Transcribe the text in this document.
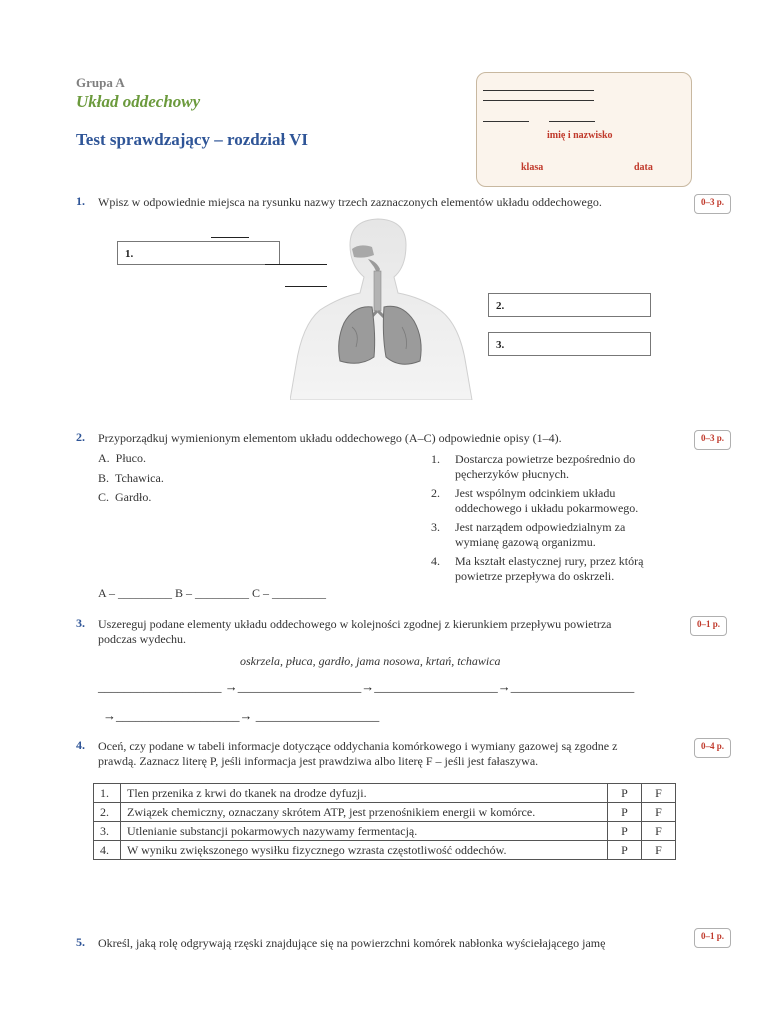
Grupa A
Układ oddechowy
Test sprawdzający – rozdział VI	imię i nazwisko
klasa	data
1. Wpisz w odpowiednie miejsca na rysunku nazwy trzech zaznaczonych elementów układu oddechowego.	0–3 p.
1.
2.
3.
2. Przyporządkuj wymienionym elementom układu oddechowego (A–C) odpowiednie opisy (1–4).	0–3 p.
A. Płuco.
B. Tchawica.
C. Gardło.
1. Dostarcza powietrze bezpośrednio do
pęcherzyków płucnych.
2. Jest wspólnym odcinkiem układu
oddechowego i układu pokarmowego.
3. Jest narządem odpowiedzialnym za
wymianę gazową organizmu.
4. Ma kształt elastycznej rury, przez którą
powietrze przepływa do oskrzeli.
A – _________ B – _________ C – _________
3. Uszereguj podane elementy układu oddechowego w kolejności zgodnej z kierunkiem przepływu powietrza
podczas wydechu.
0–1 p.
oskrzela, płuca, gardło, jama nosowa, krtań, tchawica
___________________ →___________________→___________________→___________________
→___________________→ ___________________
4. Oceń, czy podane w tabeli informacje dotyczące oddychania komórkowego i wymiany gazowej są zgodne z
prawdą. Zaznacz literę P, jeśli informacja jest prawdziwa albo literę F – jeśli jest fałaszywa.
0–4 p.
1.	Tlen przenika z krwi do tkanek na drodze dyfuzji.	P	F
2.	Związek chemiczny, oznaczany skrótem ATP, jest przenośnikiem energii w komórce.	P	F
3.	Utlenianie substancji pokarmowych nazywamy fermentacją.	P	F
4.	W wyniku zwiększonego wysiłku fizycznego wzrasta częstotliwość oddechów.	P	F
5. Określ, jaką rolę odgrywają rzęski znajdujące się na powierzchni komórek nabłonka wyściełającego jamę	0–1 p.
